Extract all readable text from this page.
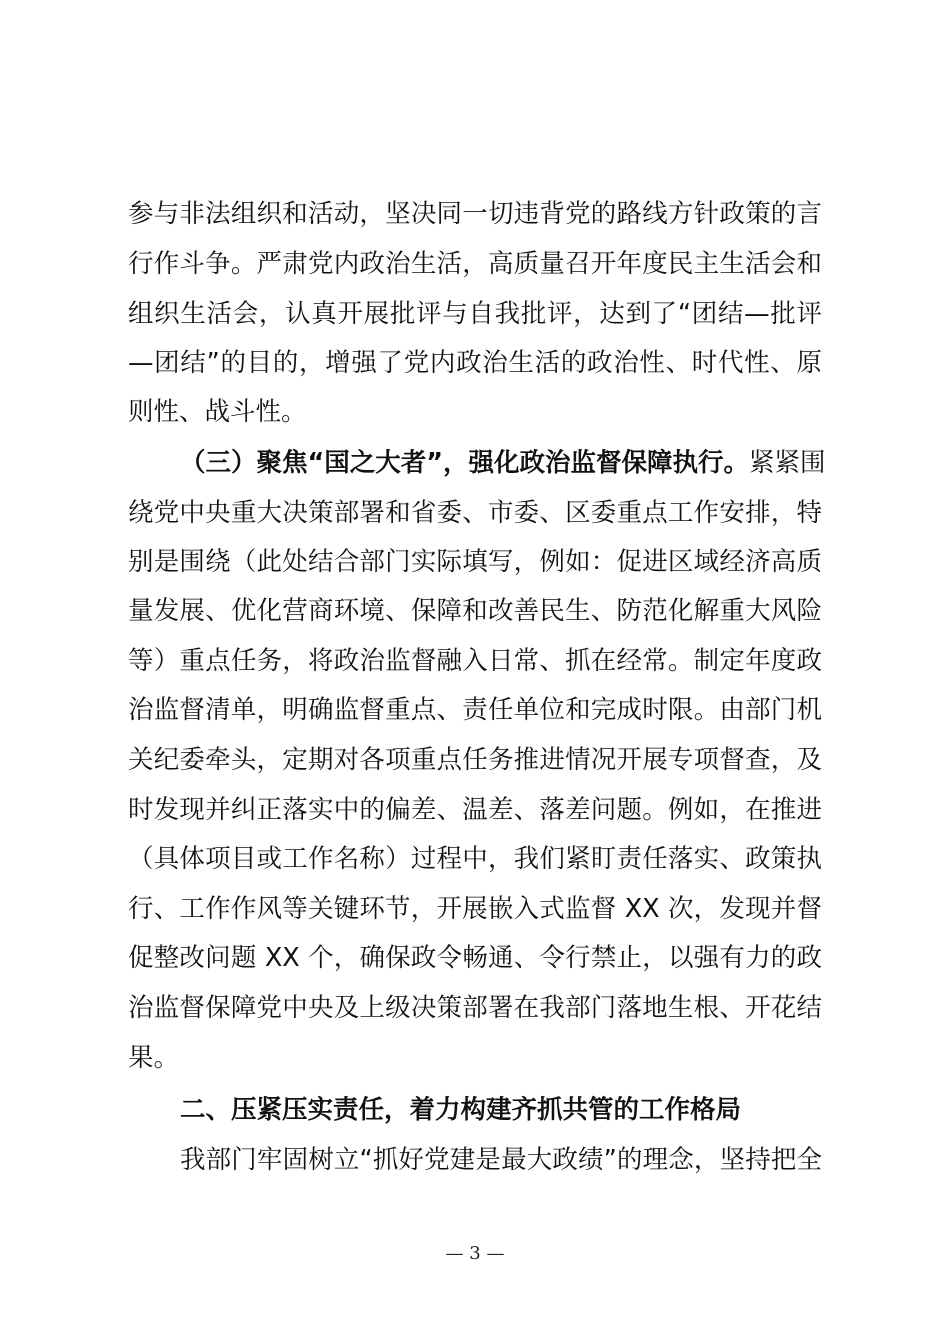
参与非法组织和活动，坚决同一切违背党的路线方针政策的言
行作斗争。严肃党内政治生活，高质量召开年度民主生活会和
组织生活会，认真开展批评与自我批评，达到了“团结—批评
—团结”的目的，增强了党内政治生活的政治性、时代性、原
则性、战斗性。
（三）聚焦“国之大者”，强化政治监督保障执行。紧紧围
绕党中央重大决策部署和省委、市委、区委重点工作安排，特
别是围绕（此处结合部门实际填写，例如：促进区域经济高质
量发展、优化营商环境、保障和改善民生、防范化解重大风险
等）重点任务，将政治监督融入日常、抓在经常。制定年度政
治监督清单，明确监督重点、责任单位和完成时限。由部门机
关纪委牵头，定期对各项重点任务推进情况开展专项督查，及
时发现并纠正落实中的偏差、温差、落差问题。例如，在推进
（具体项目或工作名称）过程中，我们紧盯责任落实、政策执
行、工作作风等关键环节，开展嵌入式监督 XX 次，发现并督
促整改问题 XX 个，确保政令畅通、令行禁止，以强有力的政
治监督保障党中央及上级决策部署在我部门落地生根、开花结
果。
二、压紧压实责任，着力构建齐抓共管的工作格局
我部门牢固树立“抓好党建是最大政绩”的理念，坚持把全
— 3 —
